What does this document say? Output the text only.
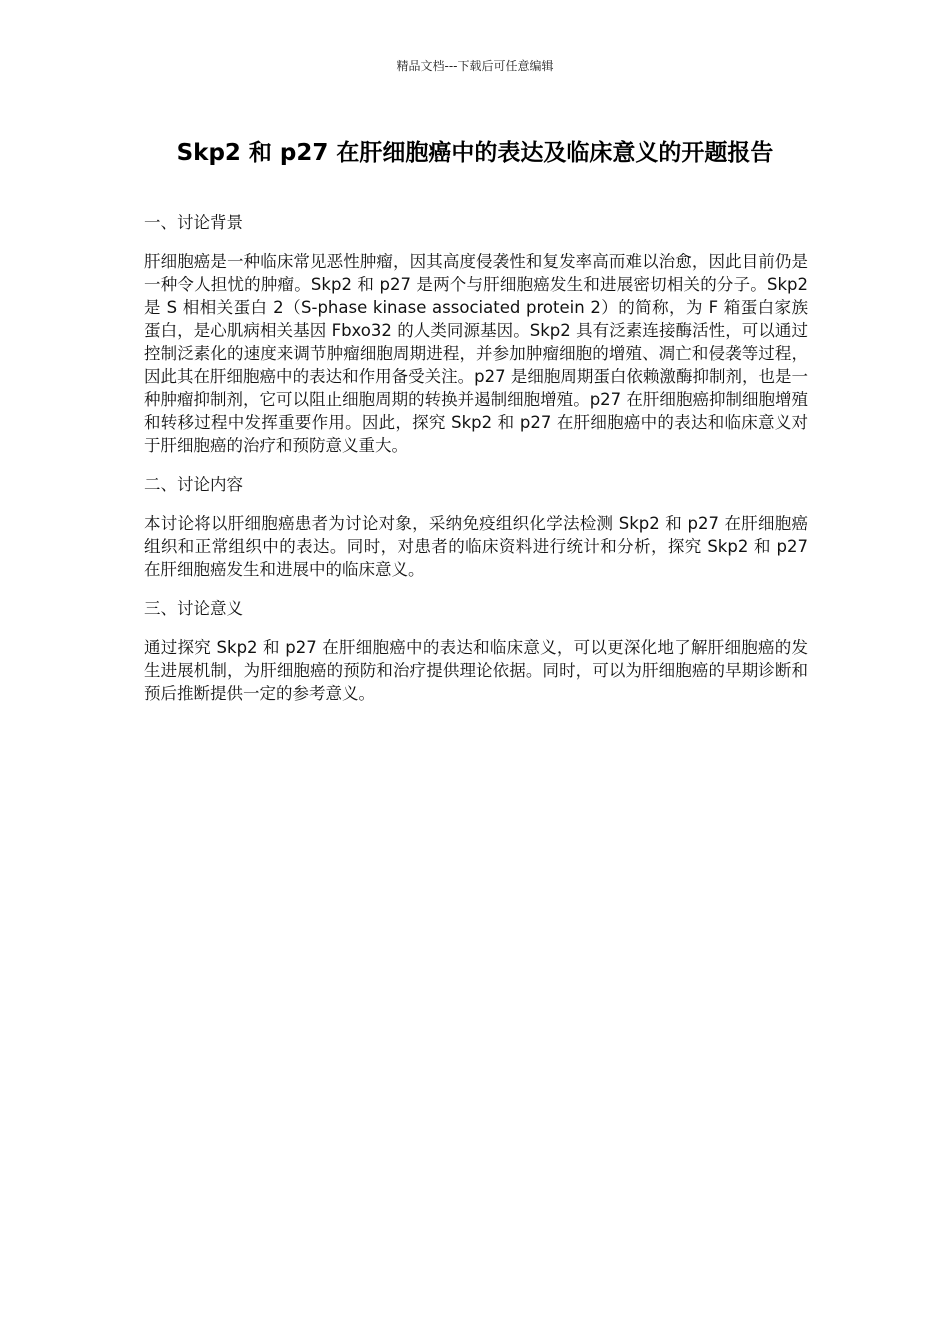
精品文档---下载后可任意编辑
Skp2 和 p27 在肝细胞癌中的表达及临床意义的开题报告
一、讨论背景

肝细胞癌是一种临床常见恶性肿瘤，因其高度侵袭性和复发率高而难以治愈，因此目前仍是一种令人担忧的肿瘤。Skp2 和 p27 是两个与肝细胞癌发生和进展密切相关的分子。Skp2 是 S 相相关蛋白 2（S-phase kinase associated protein 2）的简称，为 F 箱蛋白家族蛋白，是心肌病相关基因 Fbxo32 的人类同源基因。Skp2 具有泛素连接酶活性，可以通过控制泛素化的速度来调节肿瘤细胞周期进程，并参加肿瘤细胞的增殖、凋亡和侵袭等过程，因此其在肝细胞癌中的表达和作用备受关注。p27 是细胞周期蛋白依赖激酶抑制剂，也是一种肿瘤抑制剂，它可以阻止细胞周期的转换并遏制细胞增殖。p27 在肝细胞癌抑制细胞增殖和转移过程中发挥重要作用。因此，探究 Skp2 和 p27 在肝细胞癌中的表达和临床意义对于肝细胞癌的治疗和预防意义重大。

二、讨论内容

本讨论将以肝细胞癌患者为讨论对象，采纳免疫组织化学法检测 Skp2 和 p27 在肝细胞癌组织和正常组织中的表达。同时，对患者的临床资料进行统计和分析，探究 Skp2 和 p27 在肝细胞癌发生和进展中的临床意义。

三、讨论意义

通过探究 Skp2 和 p27 在肝细胞癌中的表达和临床意义，可以更深化地了解肝细胞癌的发生进展机制，为肝细胞癌的预防和治疗提供理论依据。同时，可以为肝细胞癌的早期诊断和预后推断提供一定的参考意义。
